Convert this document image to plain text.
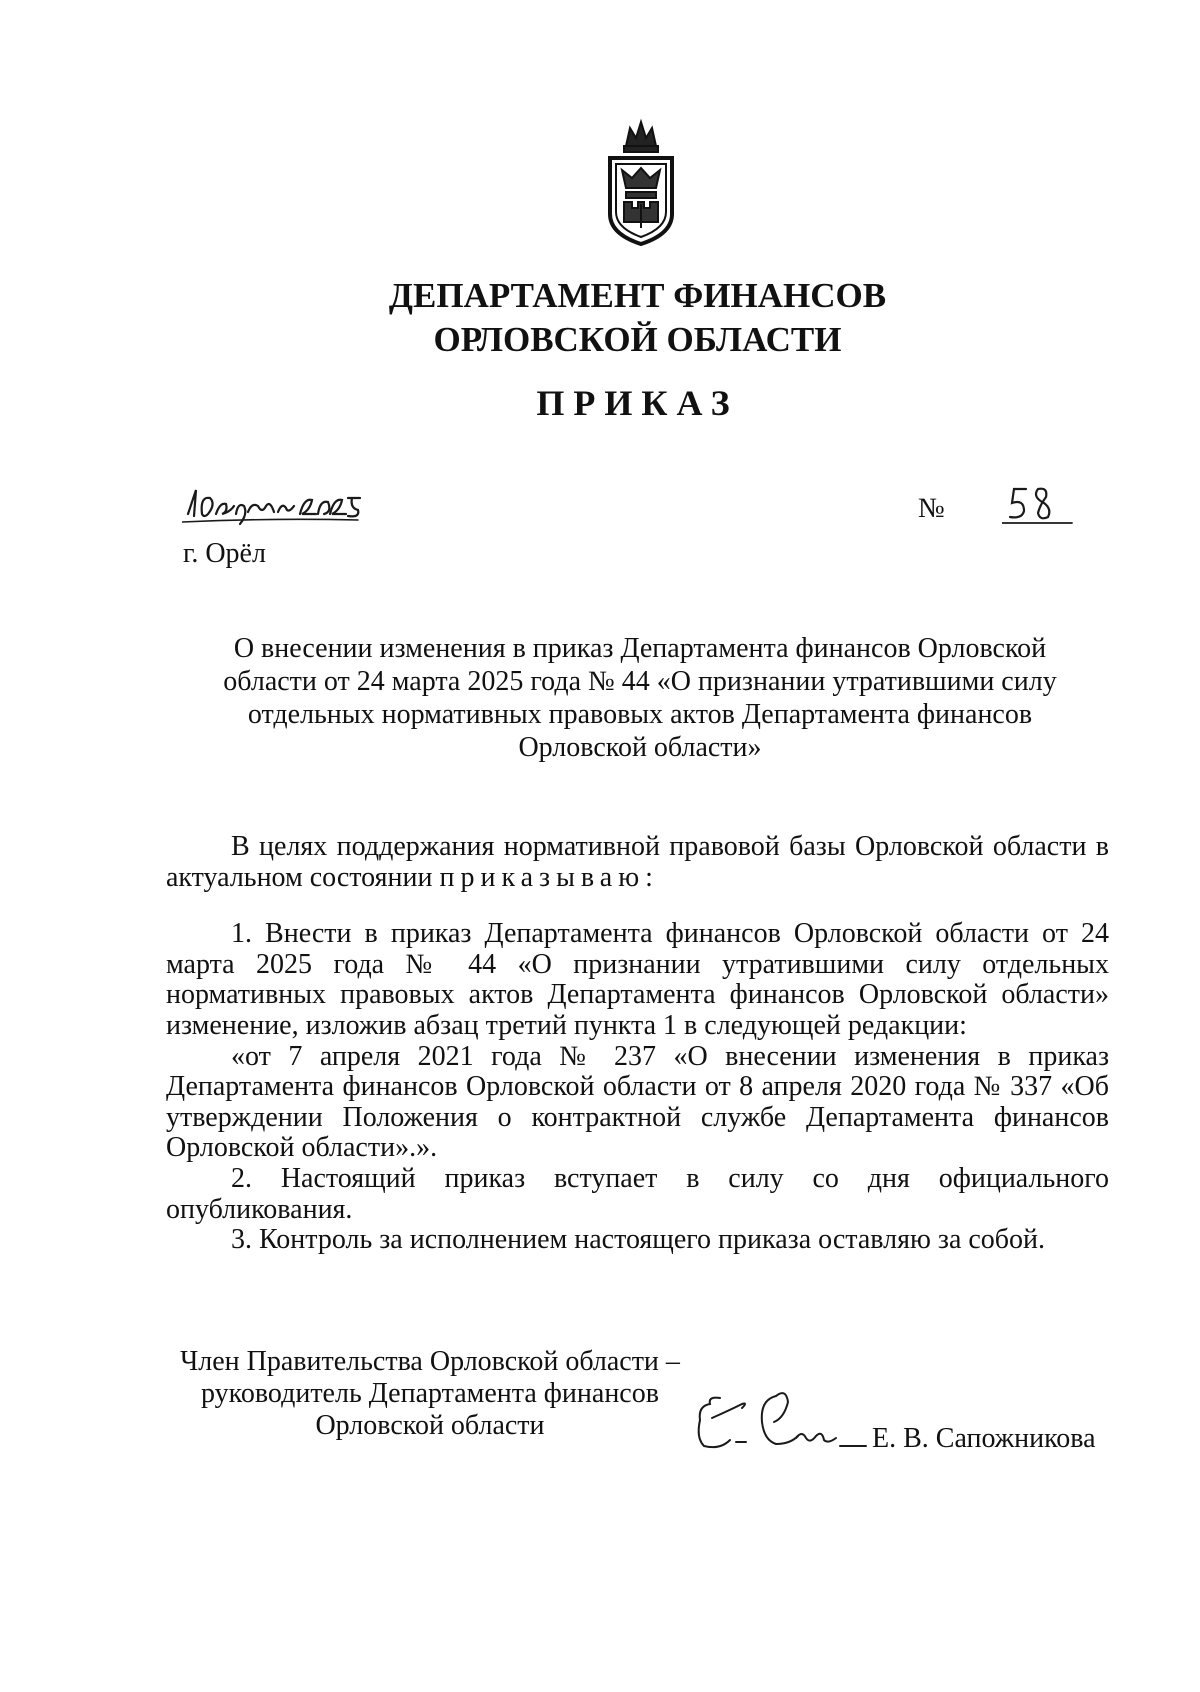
ДЕПАРТАМЕНТ ФИНАНСОВ
ОРЛОВСКОЙ ОБЛАСТИ
ПРИКАЗ
№
г. Орёл
О внесении изменения в приказ Департамента финансов Орловской области от 24 марта 2025 года № 44 «О признании утратившими силу отдельных нормативных правовых актов Департамента финансов Орловской области»

В целях поддержания нормативной правовой базы Орловской области в актуальном состоянии приказываю:

1. Внести в приказ Департамента финансов Орловской области от 24 марта 2025 года № 44 «О признании утратившими силу отдельных нормативных правовых актов Департамента финансов Орловской области» изменение, изложив абзац третий пункта 1 в следующей редакции:

«от 7 апреля 2021 года № 237 «О внесении изменения в приказ Департамента финансов Орловской области от 8 апреля 2020 года № 337 «Об утверждении Положения о контрактной службе Департамента финансов Орловской области».».

2. Настоящий приказ вступает в силу со дня официального опубликования.

3. Контроль за исполнением настоящего приказа оставляю за собой.

Член Правительства Орловской области –
руководитель Департамента финансов
Орловской области	Е. В. Сапожникова
